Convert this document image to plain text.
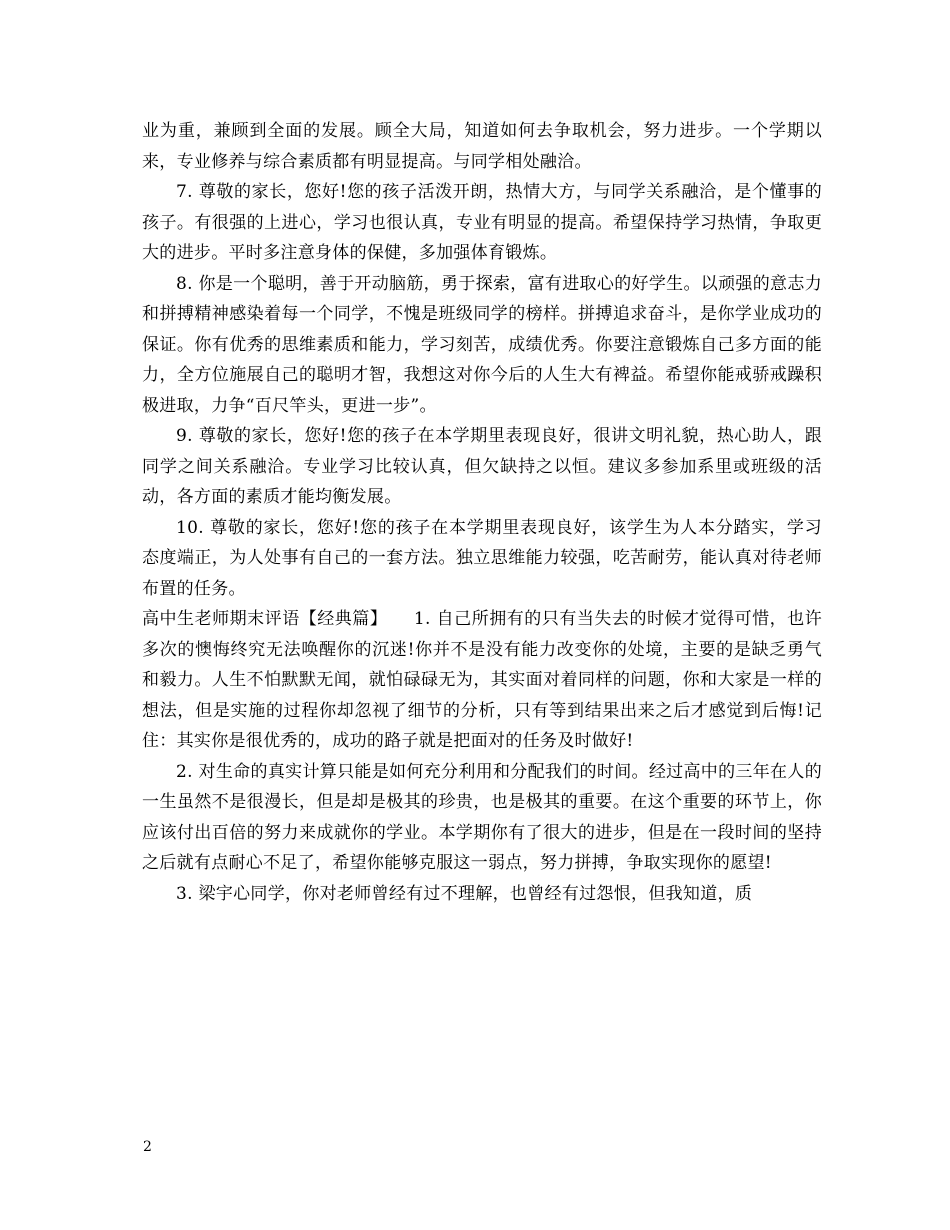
业为重，兼顾到全面的发展。顾全大局，知道如何去争取机会，努力进步。一个学期以来，专业修养与综合素质都有明显提高。与同学相处融洽。

7. 尊敬的家长，您好!您的孩子活泼开朗，热情大方，与同学关系融洽，是个懂事的孩子。有很强的上进心，学习也很认真，专业有明显的提高。希望保持学习热情，争取更大的进步。平时多注意身体的保健，多加强体育锻炼。

8. 你是一个聪明，善于开动脑筋，勇于探索，富有进取心的好学生。以顽强的意志力和拼搏精神感染着每一个同学，不愧是班级同学的榜样。拼搏追求奋斗，是你学业成功的保证。你有优秀的思维素质和能力，学习刻苦，成绩优秀。你要注意锻炼自己多方面的能力，全方位施展自己的聪明才智，我想这对你今后的人生大有裨益。希望你能戒骄戒躁积极进取，力争“百尺竿头，更进一步”。

9. 尊敬的家长，您好!您的孩子在本学期里表现良好，很讲文明礼貌，热心助人，跟同学之间关系融洽。专业学习比较认真，但欠缺持之以恒。建议多参加系里或班级的活动，各方面的素质才能均衡发展。

10. 尊敬的家长，您好!您的孩子在本学期里表现良好，该学生为人本分踏实，学习态度端正，为人处事有自己的一套方法。独立思维能力较强，吃苦耐劳，能认真对待老师布置的任务。

高中生老师期末评语【经典篇】　　1. 自己所拥有的只有当失去的时候才觉得可惜，也许多次的懊悔终究无法唤醒你的沉迷!你并不是没有能力改变你的处境，主要的是缺乏勇气和毅力。人生不怕默默无闻，就怕碌碌无为，其实面对着同样的问题，你和大家是一样的想法，但是实施的过程你却忽视了细节的分析，只有等到结果出来之后才感觉到后悔!记住：其实你是很优秀的，成功的路子就是把面对的任务及时做好!

2. 对生命的真实计算只能是如何充分利用和分配我们的时间。经过高中的三年在人的一生虽然不是很漫长，但是却是极其的珍贵，也是极其的重要。在这个重要的环节上，你应该付出百倍的努力来成就你的学业。本学期你有了很大的进步，但是在一段时间的坚持之后就有点耐心不足了，希望你能够克服这一弱点，努力拼搏，争取实现你的愿望!

3. 梁宇心同学，你对老师曾经有过不理解，也曾经有过怨恨，但我知道，质

2
